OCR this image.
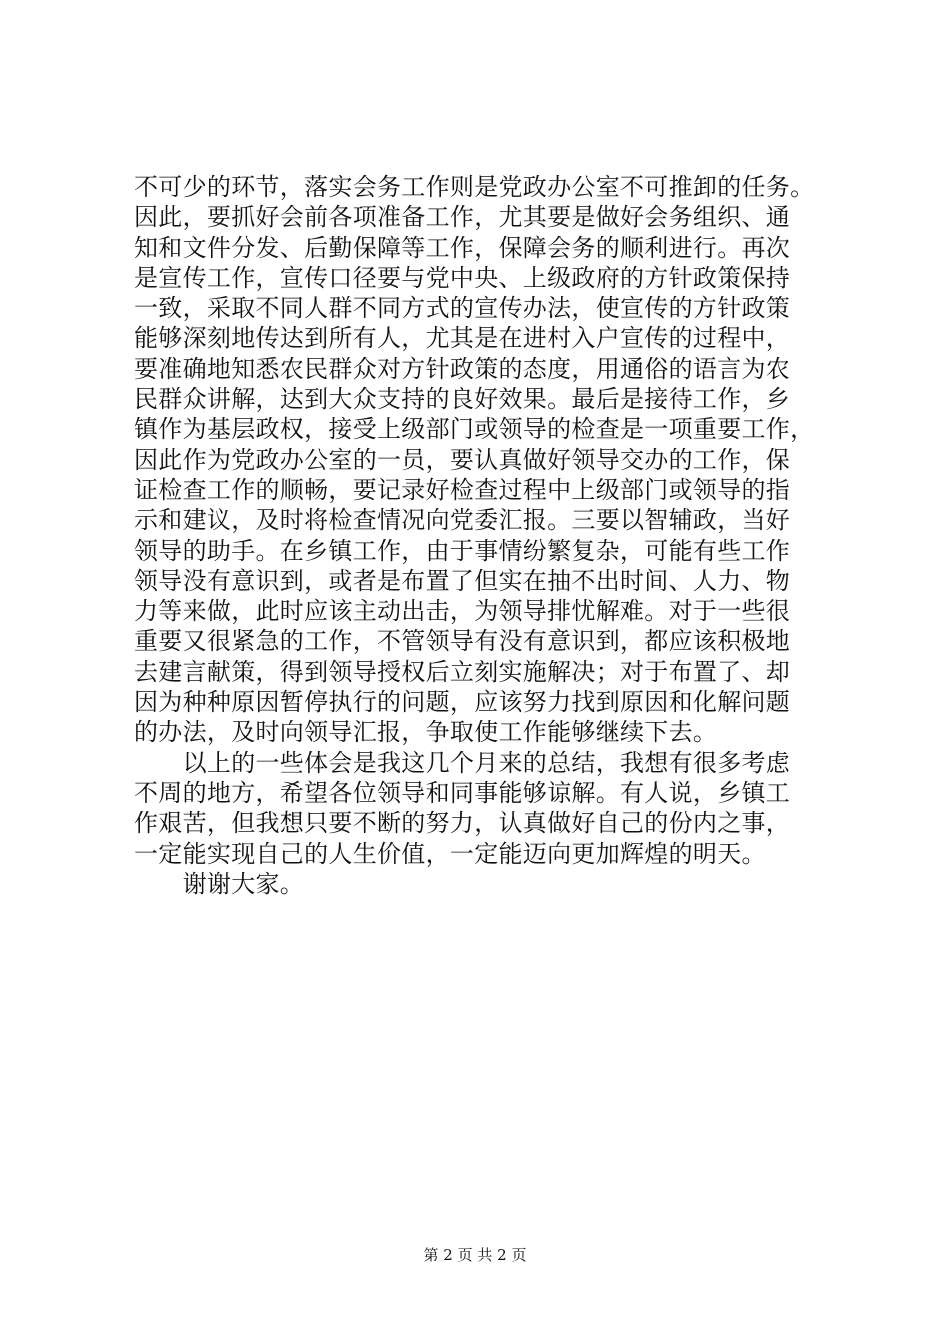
不可少的环节，落实会务工作则是党政办公室不可推卸的任务。
因此，要抓好会前各项准备工作，尤其要是做好会务组织、通
知和文件分发、后勤保障等工作，保障会务的顺利进行。再次
是宣传工作，宣传口径要与党中央、上级政府的方针政策保持
一致，采取不同人群不同方式的宣传办法，使宣传的方针政策
能够深刻地传达到所有人，尤其是在进村入户宣传的过程中，
要准确地知悉农民群众对方针政策的态度，用通俗的语言为农
民群众讲解，达到大众支持的良好效果。最后是接待工作，乡
镇作为基层政权，接受上级部门或领导的检查是一项重要工作，
因此作为党政办公室的一员，要认真做好领导交办的工作，保
证检查工作的顺畅，要记录好检查过程中上级部门或领导的指
示和建议，及时将检查情况向党委汇报。三要以智辅政，当好
领导的助手。在乡镇工作，由于事情纷繁复杂，可能有些工作
领导没有意识到，或者是布置了但实在抽不出时间、人力、物
力等来做，此时应该主动出击，为领导排忧解难。对于一些很
重要又很紧急的工作，不管领导有没有意识到，都应该积极地
去建言献策，得到领导授权后立刻实施解决；对于布置了、却
因为种种原因暂停执行的问题，应该努力找到原因和化解问题
的办法，及时向领导汇报，争取使工作能够继续下去。
　　以上的一些体会是我这几个月来的总结，我想有很多考虑
不周的地方，希望各位领导和同事能够谅解。有人说，乡镇工
作艰苦，但我想只要不断的努力，认真做好自己的份内之事，
一定能实现自己的人生价值，一定能迈向更加辉煌的明天。
　　谢谢大家。
第 2 页 共 2 页
